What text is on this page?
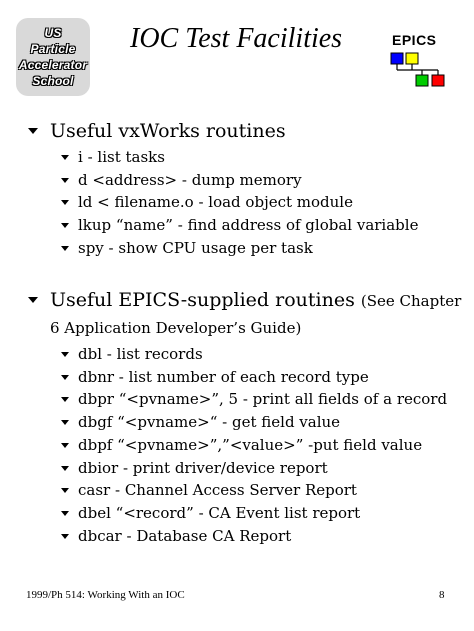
US
Particle
Accelerator
School
IOC Test Facilities	EPICS
Useful vxWorks routines
i - list tasks
d <address> - dump memory
ld < filename.o - load object module
lkup “name” - find address of global variable
spy - show CPU usage per task
Useful EPICS-supplied routines (See Chapter
6 Application Developer’s Guide)
dbl - list records
dbnr - list number of each record type
dbpr “<pvname>”, 5 - print all fields of a record
dbgf “<pvname>“ - get field value
dbpf “<pvname>”,”<value>” -put field value
dbior - print driver/device report
casr - Channel Access Server Report
dbel “<record” - CA Event list report
dbcar - Database CA Report
1999/Ph 514: Working With an IOC	8
